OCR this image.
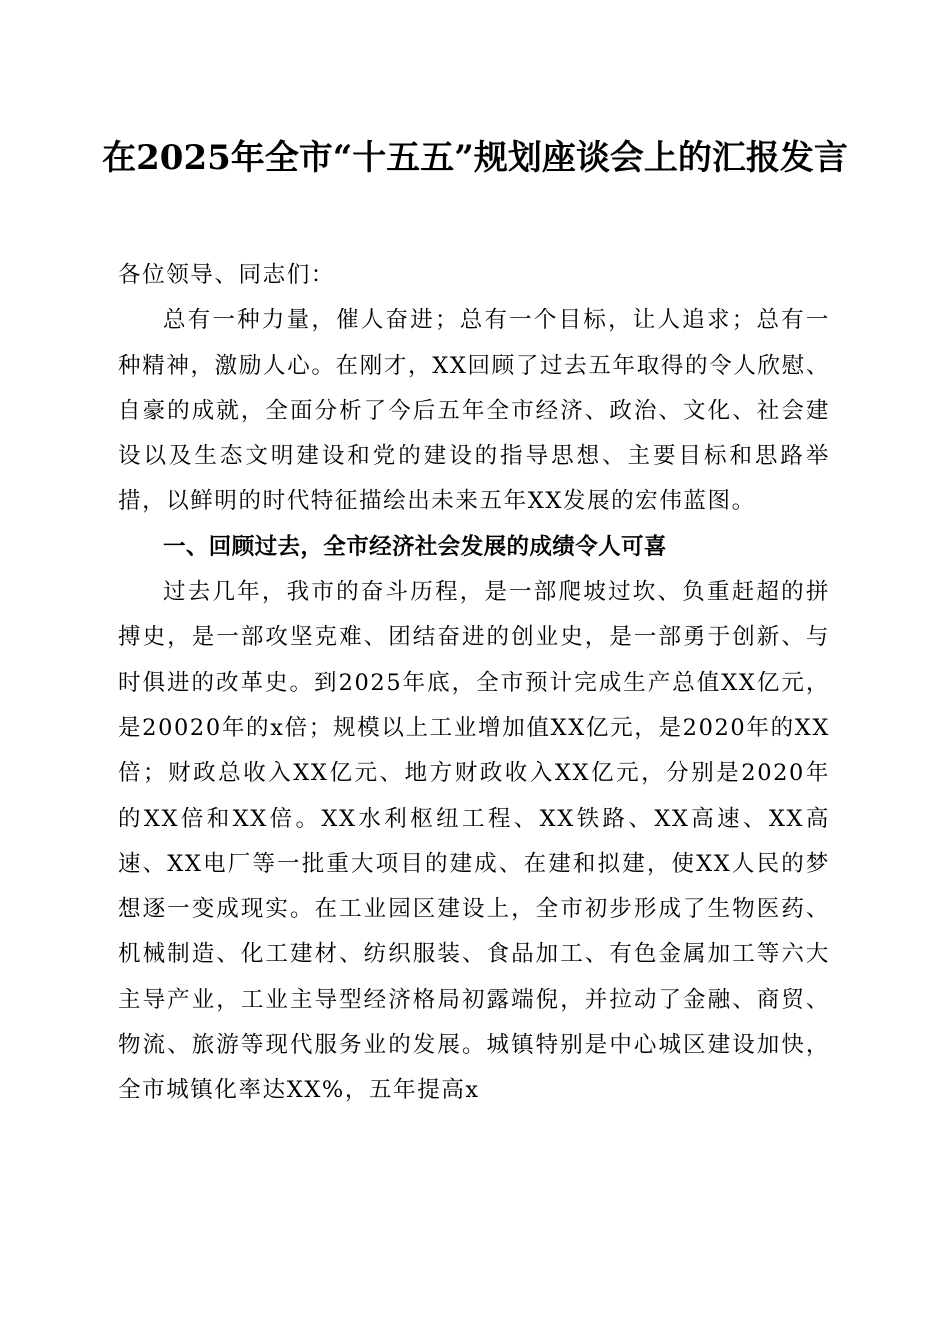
在2025年全市“十五五”规划座谈会上的汇报发言

各位领导、同志们：

总有一种力量，催人奋进；总有一个目标，让人追求；总有一种精神，激励人心。在刚才，XX回顾了过去五年取得的令人欣慰、自豪的成就，全面分析了今后五年全市经济、政治、文化、社会建设以及生态文明建设和党的建设的指导思想、主要目标和思路举措，以鲜明的时代特征描绘出未来五年XX发展的宏伟蓝图。

一、回顾过去，全市经济社会发展的成绩令人可喜

过去几年，我市的奋斗历程，是一部爬坡过坎、负重赶超的拼搏史，是一部攻坚克难、团结奋进的创业史，是一部勇于创新、与时俱进的改革史。到2025年底，全市预计完成生产总值XX亿元，是20020年的x倍；规模以上工业增加值XX亿元，是2020年的XX倍；财政总收入XX亿元、地方财政收入XX亿元，分别是2020年的XX倍和XX倍。XX水利枢纽工程、XX铁路、XX高速、XX高速、XX电厂等一批重大项目的建成、在建和拟建，使XX人民的梦想逐一变成现实。在工业园区建设上，全市初步形成了生物医药、机械制造、化工建材、纺织服装、食品加工、有色金属加工等六大主导产业，工业主导型经济格局初露端倪，并拉动了金融、商贸、物流、旅游等现代服务业的发展。城镇特别是中心城区建设加快，全市城镇化率达XX%，五年提高x
